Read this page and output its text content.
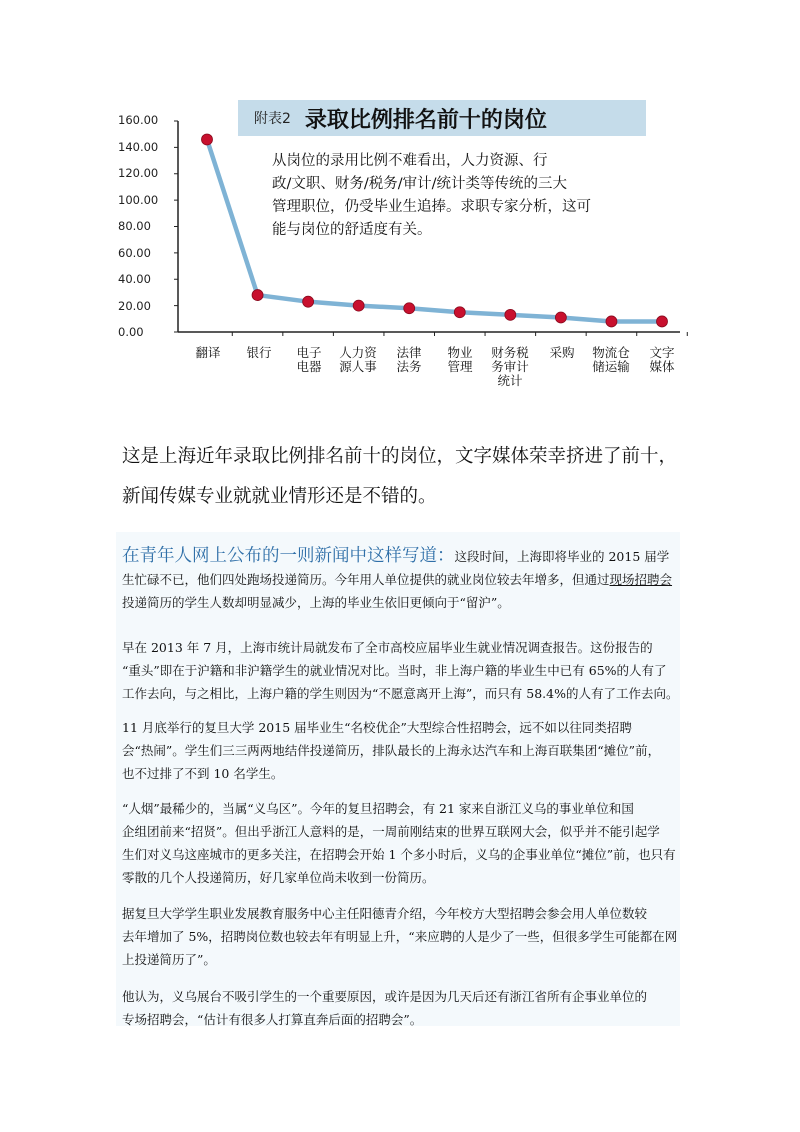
附表2 录取比例排名前十的岗位
从岗位的录用比例不难看出，人力资源、行
政/文职、财务/税务/审计/统计类等传统的三大
管理职位，仍受毕业生追捧。求职专家分析，这可
能与岗位的舒适度有关。
160.00
140.00
120.00
100.00
80.00
60.00
40.00
20.00
0.00
翻译	银行	电子
电器
人力资
源人事
法律
法务
物业
管理
财务税
务审计
统计
采购	物流仓
储运输
文字
媒体
这是上海近年录取比例排名前十的岗位，文字媒体荣幸挤进了前十，
新闻传媒专业就就业情形还是不错的。
在青年人网上公布的一则新闻中这样写道：这段时间，上海即将毕业的 2015 届学
生忙碌不已，他们四处跑场投递简历。今年用人单位提供的就业岗位较去年增多，但通过现场招聘会
投递简历的学生人数却明显减少，上海的毕业生依旧更倾向于“留沪”。
早在 2013 年 7 月，上海市统计局就发布了全市高校应届毕业生就业情况调查报告。这份报告的
“重头”即在于沪籍和非沪籍学生的就业情况对比。当时，非上海户籍的毕业生中已有 65%的人有了
工作去向，与之相比，上海户籍的学生则因为“不愿意离开上海”，而只有 58.4%的人有了工作去向。
11 月底举行的复旦大学 2015 届毕业生“名校优企”大型综合性招聘会，远不如以往同类招聘
会“热闹”。学生们三三两两地结伴投递简历，排队最长的上海永达汽车和上海百联集团“摊位”前，
也不过排了不到 10 名学生。
“人烟”最稀少的，当属“义乌区”。今年的复旦招聘会，有 21 家来自浙江义乌的事业单位和国
企组团前来“招贤”。但出乎浙江人意料的是，一周前刚结束的世界互联网大会，似乎并不能引起学
生们对义乌这座城市的更多关注，在招聘会开始 1 个多小时后，义乌的企事业单位“摊位”前，也只有
零散的几个人投递简历，好几家单位尚未收到一份简历。
据复旦大学学生职业发展教育服务中心主任阳德青介绍，今年校方大型招聘会参会用人单位数较
去年增加了 5%，招聘岗位数也较去年有明显上升，“来应聘的人是少了一些，但很多学生可能都在网
上投递简历了”。
他认为，义乌展台不吸引学生的一个重要原因，或许是因为几天后还有浙江省所有企事业单位的
专场招聘会，“估计有很多人打算直奔后面的招聘会”。
